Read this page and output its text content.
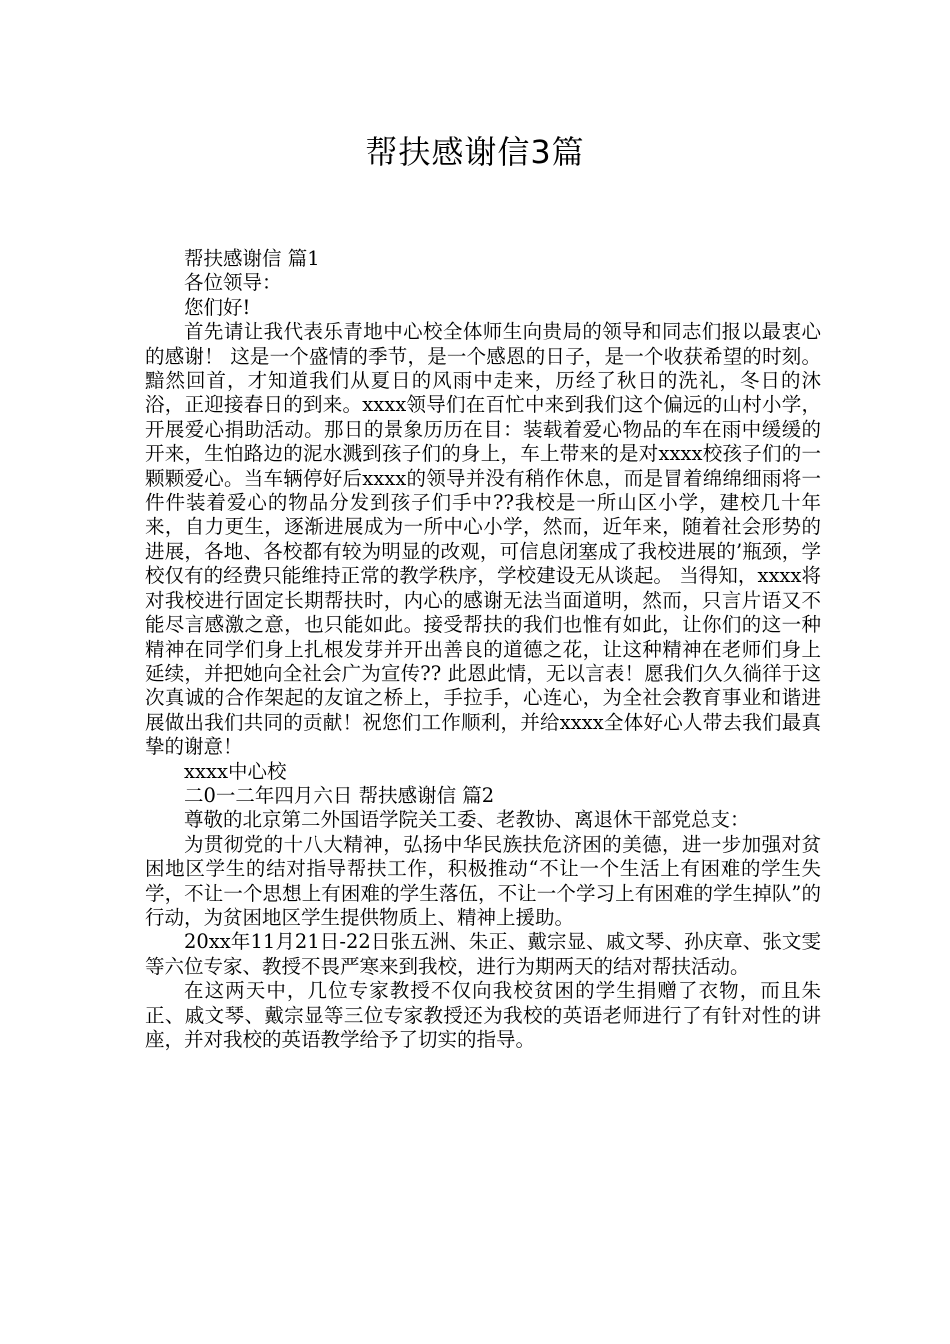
帮扶感谢信3篇

帮扶感谢信 篇1

各位领导：

您们好!

首先请让我代表乐青地中心校全体师生向贵局的领导和同志们报以最衷心的感谢！ 这是一个盛情的季节，是一个感恩的日子，是一个收获希望的时刻。 黯然回首，才知道我们从夏日的风雨中走来，历经了秋日的洗礼，冬日的沐浴，正迎接春日的到来。xxxx领导们在百忙中来到我们这个偏远的山村小学，开展爱心捐助活动。那日的景象历历在目：装载着爱心物品的车在雨中缓缓的开来，生怕路边的泥水溅到孩子们的身上，车上带来的是对xxxx校孩子们的一颗颗爱心。当车辆停好后xxxx的领导并没有稍作休息，而是冒着绵绵细雨将一件件装着爱心的物品分发到孩子们手中??我校是一所山区小学，建校几十年来，自力更生，逐渐进展成为一所中心小学，然而，近年来，随着社会形势的进展，各地、各校都有较为明显的改观，可信息闭塞成了我校进展的’瓶颈，学校仅有的经费只能维持正常的教学秩序，学校建设无从谈起。 当得知，xxxx将对我校进行固定长期帮扶时，内心的感谢无法当面道明，然而，只言片语又不能尽言感激之意，也只能如此。接受帮扶的我们也惟有如此，让你们的这一种精神在同学们身上扎根发芽并开出善良的道德之花，让这种精神在老师们身上延续，并把她向全社会广为宣传?? 此恩此情，无以言表！愿我们久久徜徉于这次真诚的合作架起的友谊之桥上，手拉手，心连心，为全社会教育事业和谐进展做出我们共同的贡献！祝您们工作顺利，并给xxxx全体好心人带去我们最真挚的谢意！

xxxx中心校

二0一二年四月六日 帮扶感谢信 篇2

尊敬的北京第二外国语学院关工委、老教协、离退休干部党总支：

为贯彻党的十八大精神，弘扬中华民族扶危济困的美德，进一步加强对贫困地区学生的结对指导帮扶工作，积极推动“不让一个生活上有困难的学生失学，不让一个思想上有困难的学生落伍，不让一个学习上有困难的学生掉队”的行动，为贫困地区学生提供物质上、精神上援助。

20xx年11月21日-22日张五洲、朱正、戴宗显、戚文琴、孙庆章、张文雯等六位专家、教授不畏严寒来到我校，进行为期两天的结对帮扶活动。

在这两天中，几位专家教授不仅向我校贫困的学生捐赠了衣物，而且朱正、戚文琴、戴宗显等三位专家教授还为我校的英语老师进行了有针对性的讲座，并对我校的英语教学给予了切实的指导。
